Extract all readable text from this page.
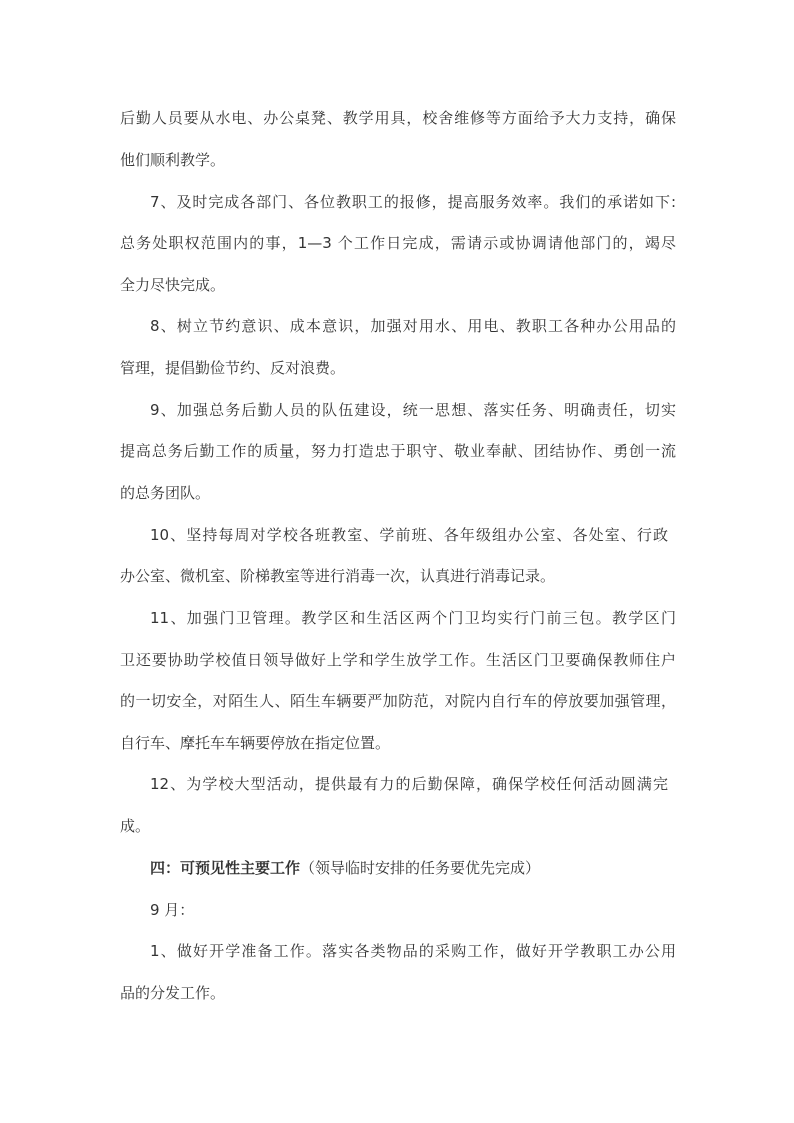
后勤人员要从水电、办公桌凳、教学用具，校舍维修等方面给予大力支持，确保
他们顺利教学。
7、及时完成各部门、各位教职工的报修，提高服务效率。我们的承诺如下:
总务处职权范围内的事，1—3 个工作日完成，需请示或协调请他部门的，竭尽
全力尽快完成。
8、树立节约意识、成本意识，加强对用水、用电、教职工各种办公用品的
管理，提倡勤俭节约、反对浪费。
9、加强总务后勤人员的队伍建设，统一思想、落实任务、明确责任，切实
提高总务后勤工作的质量，努力打造忠于职守、敬业奉献、团结协作、勇创一流
的总务团队。
10、坚持每周对学校各班教室、学前班、各年级组办公室、各处室、行政
办公室、微机室、阶梯教室等进行消毒一次，认真进行消毒记录。
11、加强门卫管理。教学区和生活区两个门卫均实行门前三包。教学区门
卫还要协助学校值日领导做好上学和学生放学工作。生活区门卫要确保教师住户
的一切安全，对陌生人、陌生车辆要严加防范，对院内自行车的停放要加强管理，
自行车、摩托车车辆要停放在指定位置。
12、为学校大型活动，提供最有力的后勤保障，确保学校任何活动圆满完
成。
四：可预见性主要工作（领导临时安排的任务要优先完成）
9 月：
1、做好开学准备工作。落实各类物品的采购工作，做好开学教职工办公用
品的分发工作。
